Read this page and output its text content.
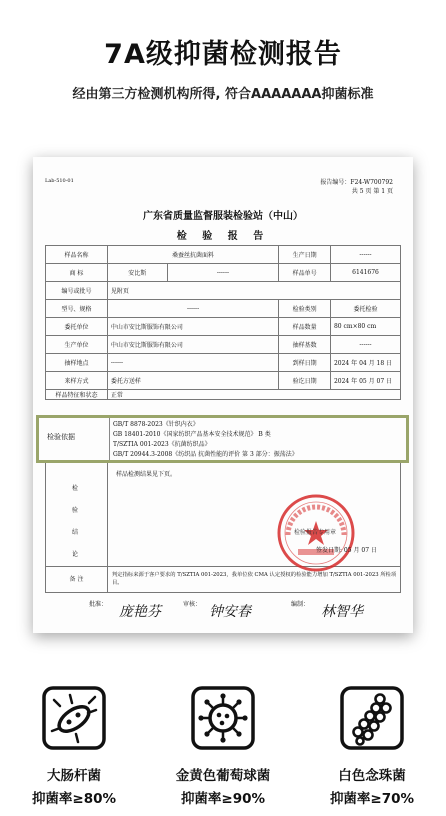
7A级抑菌检测报告
经由第三方检测机构所得, 符合AAAAAAA抑菌标准
Lab-510-01	报告编号：F24-W700792
共 5 页 第 1 页
广东省质量监督服装检验站（中山）
检 验 报 告
样品名称	桑蚕丝抗菌面料		生产日期	------
商 标	安比斯	------	样品单号	6141676
编号或批号	见附页			
型号、规格	------		检验类别	委托检验
委托单位	中山市安比斯服饰有限公司		样品数量	80 cm×80 cm
生产单位	中山市安比斯服饰有限公司		抽样基数	------
抽样地点	------		到样日期	2024 年 04 月 18 日
来样方式	委托方送样		验讫日期	2024 年 05 月 07 日
样品特征和状态	正常			
检验依据
GB/T 8878-2023《针织内衣》
GB 18401-2010《国家纺织产品基本安全技术规范》 B 类
T/SZTIA 001-2023《抗菌纺织品》
GB/T 20944.3-2008《纺织品 抗菌性能的评价 第 3 部分：振荡法》
检
验
结
论
样品检测结果见下页。
检验报告专用章
签发日期: 05 月 07 日
备 注
判定指标来源于客户要求的 T/SZTIA 001-2023，我单位依 CMA 认定授权的检验能力增加 T/SZTIA 001-2023 所检项目。
批准： 庞艳芬	审核： 钟安春	编制： 林智华
大肠杆菌
抑菌率≥80%
金黄色葡萄球菌
抑菌率≥90%
白色念珠菌
抑菌率≥70%
